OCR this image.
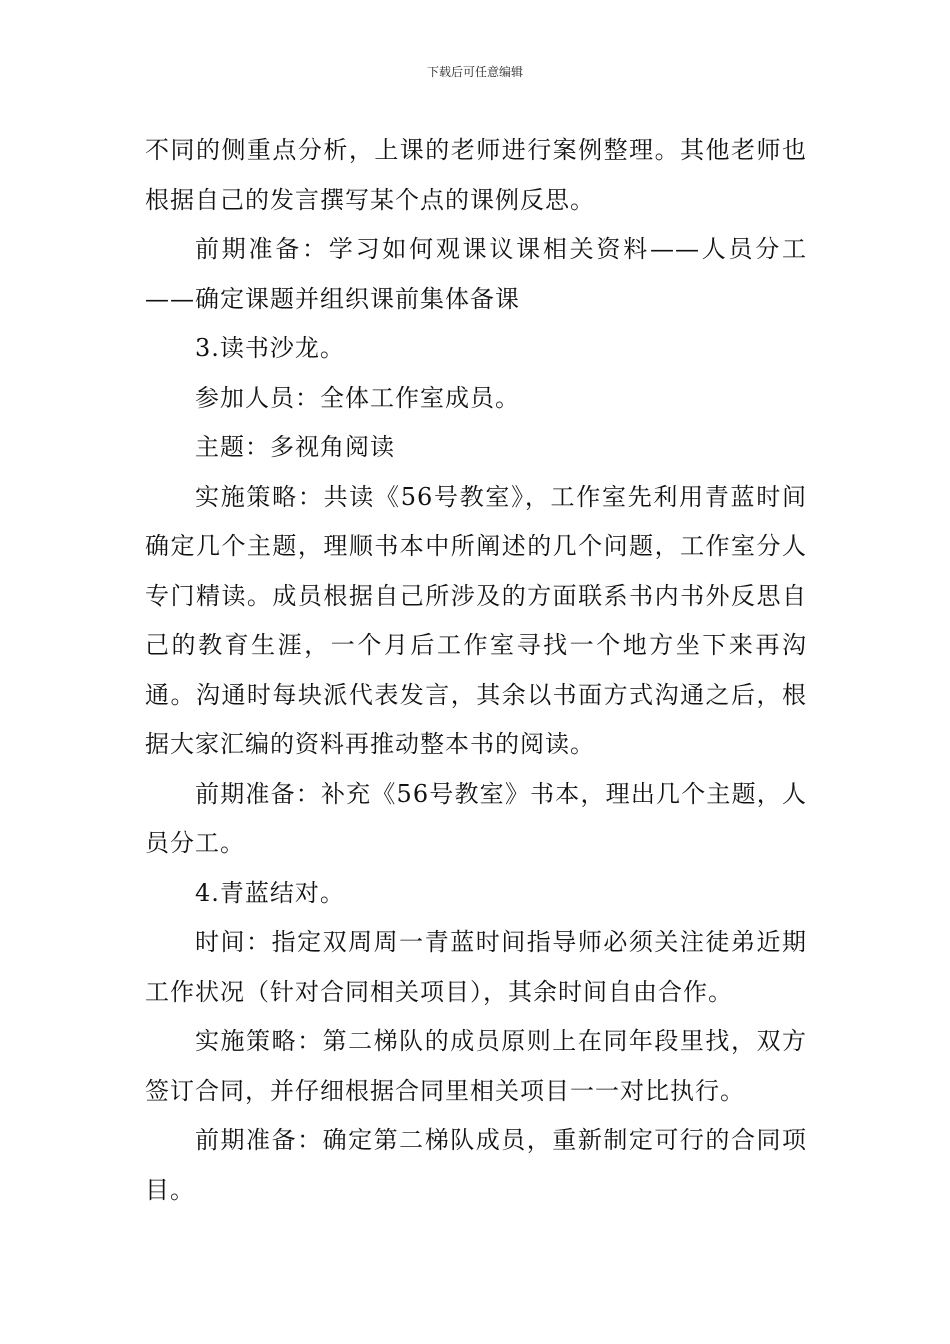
下载后可任意编辑

不同的侧重点分析，上课的老师进行案例整理。其他老师也根据自己的发言撰写某个点的课例反思。

前期准备：学习如何观课议课相关资料——人员分工——确定课题并组织课前集体备课

3.读书沙龙。

参加人员：全体工作室成员。

主题：多视角阅读

实施策略：共读《56号教室》，工作室先利用青蓝时间确定几个主题，理顺书本中所阐述的几个问题，工作室分人专门精读。成员根据自己所涉及的方面联系书内书外反思自己的教育生涯，一个月后工作室寻找一个地方坐下来再沟通。沟通时每块派代表发言，其余以书面方式沟通之后，根据大家汇编的资料再推动整本书的阅读。

前期准备：补充《56号教室》书本，理出几个主题，人员分工。

4.青蓝结对。

时间：指定双周周一青蓝时间指导师必须关注徒弟近期工作状况（针对合同相关项目），其余时间自由合作。

实施策略：第二梯队的成员原则上在同年段里找，双方签订合同，并仔细根据合同里相关项目一一对比执行。

前期准备：确定第二梯队成员，重新制定可行的合同项目。
